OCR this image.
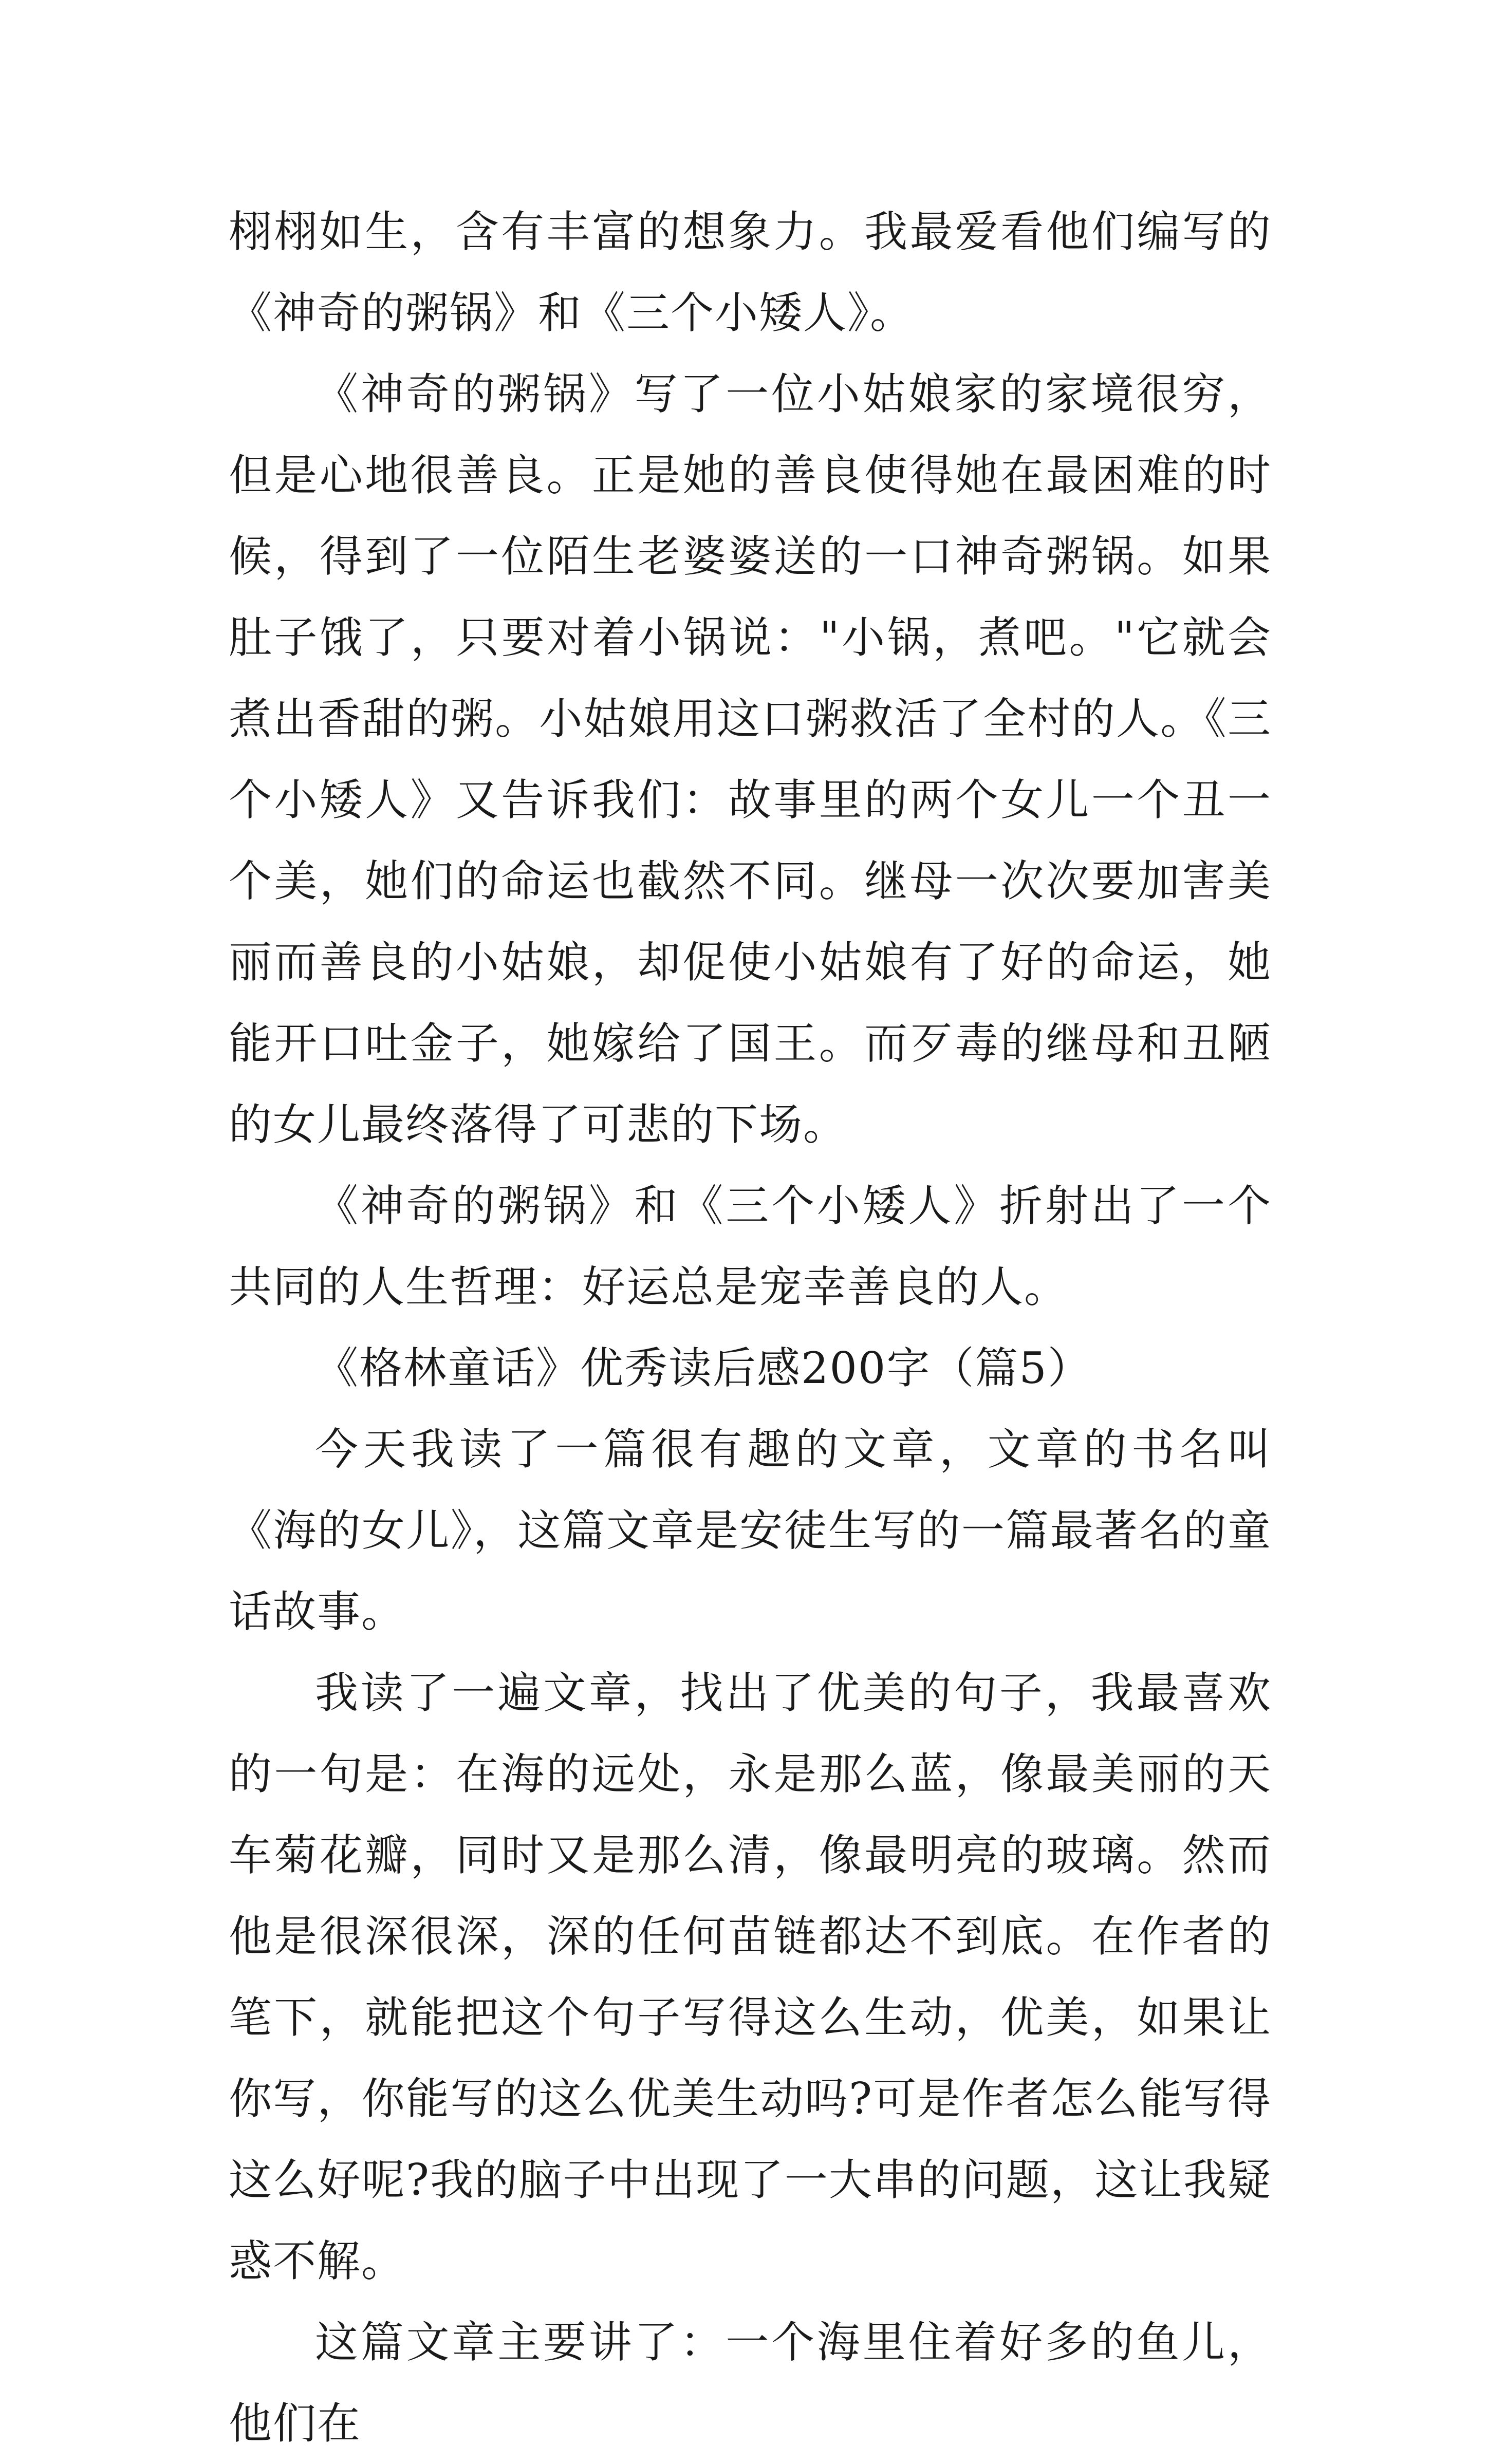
栩栩如生，含有丰富的想象力。我最爱看他们编写的《神奇的粥锅》和《三个小矮人》。

《神奇的粥锅》写了一位小姑娘家的家境很穷，但是心地很善良。正是她的善良使得她在最困难的时候，得到了一位陌生老婆婆送的一口神奇粥锅。如果肚子饿了，只要对着小锅说："小锅，煮吧。"它就会煮出香甜的粥。小姑娘用这口粥救活了全村的人。《三个小矮人》又告诉我们：故事里的两个女儿一个丑一个美，她们的命运也截然不同。继母一次次要加害美丽而善良的小姑娘，却促使小姑娘有了好的命运，她能开口吐金子，她嫁给了国王。而歹毒的继母和丑陋的女儿最终落得了可悲的下场。

《神奇的粥锅》和《三个小矮人》折射出了一个共同的人生哲理：好运总是宠幸善良的人。

《格林童话》优秀读后感200字（篇5）

今天我读了一篇很有趣的文章，文章的书名叫《海的女儿》，这篇文章是安徒生写的一篇最著名的童话故事。

我读了一遍文章，找出了优美的句子，我最喜欢的一句是：在海的远处，永是那么蓝，像最美丽的天车菊花瓣，同时又是那么清，像最明亮的玻璃。然而他是很深很深，深的任何苗链都达不到底。在作者的笔下，就能把这个句子写得这么生动，优美，如果让你写，你能写的这么优美生动吗?可是作者怎么能写得这么好呢?我的脑子中出现了一大串的问题，这让我疑惑不解。

这篇文章主要讲了：一个海里住着好多的鱼儿，他们在
